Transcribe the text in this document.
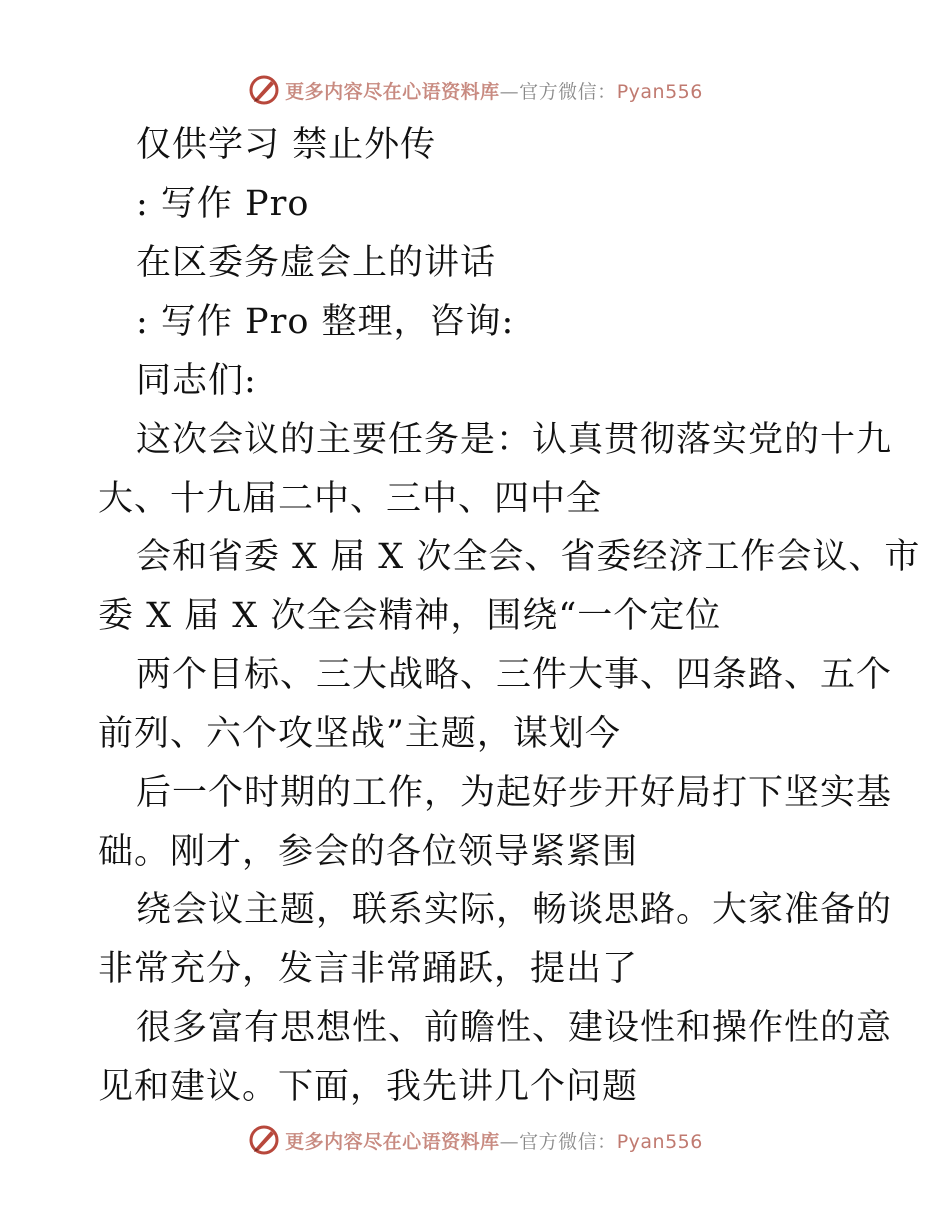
更多内容尽在心语资料库—官方微信：Pyan556
仅供学习 禁止外传
: 写作 Pro
在区委务虚会上的讲话
: 写作 Pro 整理，咨询:
同志们:
这次会议的主要任务是：认真贯彻落实党的十九
大、十九届二中、三中、四中全
会和省委 X 届 X 次全会、省委经济工作会议、市
委 X 届 X 次全会精神，围绕“一个定位
两个目标、三大战略、三件大事、四条路、五个
前列、六个攻坚战”主题，谋划今
后一个时期的工作，为起好步开好局打下坚实基
础。刚才，参会的各位领导紧紧围
绕会议主题，联系实际，畅谈思路。大家准备的
非常充分，发言非常踊跃，提出了
很多富有思想性、前瞻性、建设性和操作性的意
见和建议。下面，我先讲几个问题
更多内容尽在心语资料库—官方微信：Pyan556
